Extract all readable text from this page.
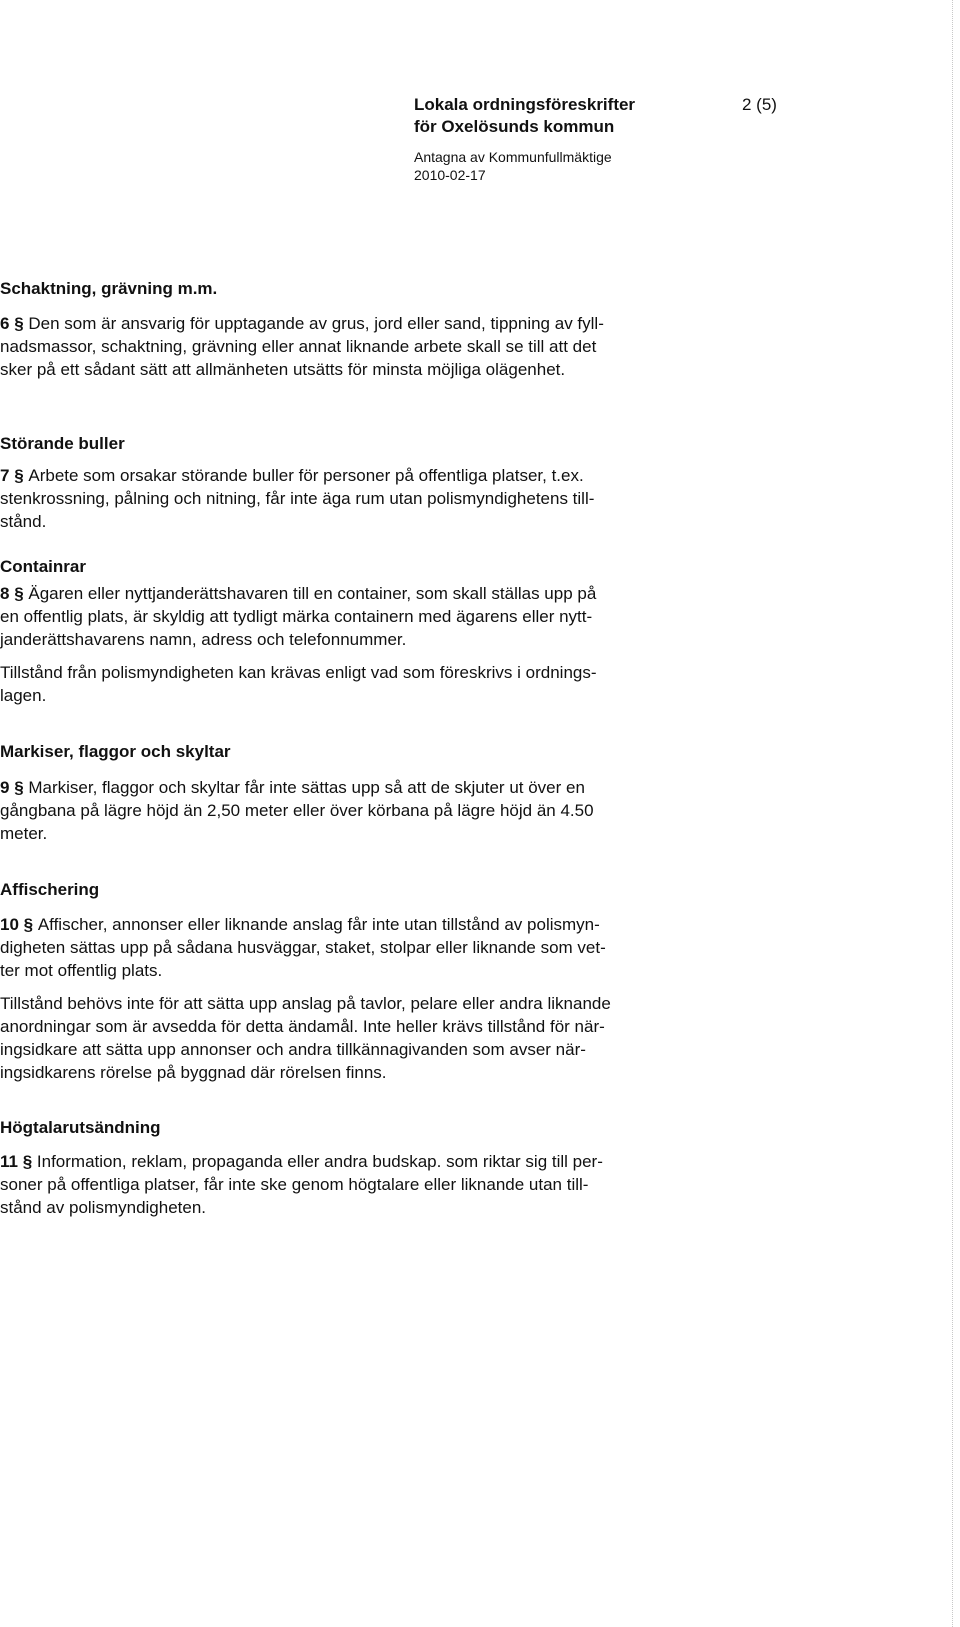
Lokala ordningsföreskrifter
för Oxelösunds kommun
2 (5)
Antagna av Kommunfullmäktige
2010-02-17
Schaktning, grävning m.m.
6 § Den som är ansvarig för upptagande av grus, jord eller sand, tippning av fyll-
nadsmassor, schaktning, grävning eller annat liknande arbete skall se till att det
sker på ett sådant sätt att allmänheten utsätts för minsta möjliga olägenhet.
Störande buller
7 § Arbete som orsakar störande buller för personer på offentliga platser, t.ex.
stenkrossning, pålning och nitning, får inte äga rum utan polismyndighetens till-
stånd.
Containrar
8 § Ägaren eller nyttjanderättshavaren till en container, som skall ställas upp på
en offentlig plats, är skyldig att tydligt märka containern med ägarens eller nytt-
janderättshavarens namn, adress och telefonnummer.
Tillstånd från polismyndigheten kan krävas enligt vad som föreskrivs i ordnings-
lagen.
Markiser, flaggor och skyltar
9 § Markiser, flaggor och skyltar får inte sättas upp så att de skjuter ut över en
gångbana på lägre höjd än 2,50 meter eller över körbana på lägre höjd än 4.50
meter.
Affischering
10 § Affischer, annonser eller liknande anslag får inte utan tillstånd av polismyn-
digheten sättas upp på sådana husväggar, staket, stolpar eller liknande som vet-
ter mot offentlig plats.
Tillstånd behövs inte för att sätta upp anslag på tavlor, pelare eller andra liknande
anordningar som är avsedda för detta ändamål. Inte heller krävs tillstånd för när-
ingsidkare att sätta upp annonser och andra tillkännagivanden som avser när-
ingsidkarens rörelse på byggnad där rörelsen finns.
Högtalarutsändning
11 § Information, reklam, propaganda eller andra budskap. som riktar sig till per-
soner på offentliga platser, får inte ske genom högtalare eller liknande utan till-
stånd av polismyndigheten.
